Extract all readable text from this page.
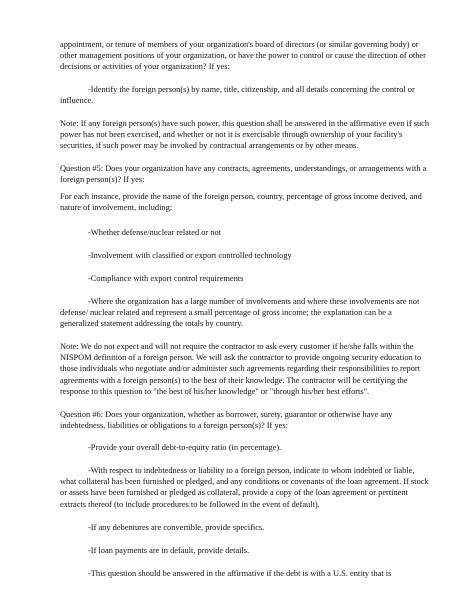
appointment, or tenure of members of your organization's board of directors (or similar governing body) or other management positions of your organization, or have the power to control or cause the direction of other decisions or activities of your organization? If yes:

-Identify the foreign person(s) by name, title, citizenship, and all details concerning the control or influence.

Note: If any foreign person(s) have such power, this question shall be answered in the affirmative even if such power has not been exercised, and whether or not it is exercisable through ownership of your facility's securities, if such power may be invoked by contractual arrangements or by other means.

Question #5: Does your organization have any contracts, agreements, understandings, or arrangements with a foreign person(s)? If yes:

For each instance, provide the name of the foreign person, country, percentage of gross income derived, and nature of involvement, including:

-Whether defense/nuclear related or not

-Involvement with classified or export controlled technology

-Compliance with export control requirements

-Where the organization has a large number of involvements and where these involvements are not defense/ nuclear related and represent a small percentage of gross income; the explanation can be a generalized statement addressing the totals by country.

Note: We do not expect and will not require the contractor to ask every customer if he/she falls within the NISPOM definition of a foreign person. We will ask the contractor to provide ongoing security education to those individuals who negotiate and/or administer such agreements regarding their responsibilities to report agreements with a foreign person(s) to the best of their knowledge. The contractor will be certifying the response to this question to "the best of his/her knowledge" or "through his/her best efforts".

Question #6: Does your organization, whether as borrower, surety, guarantor or otherwise have any indebtedness, liabilities or obligations to a foreign person(s)? If yes:

-Provide your overall debt-to-equity ratio (in percentage).

-With respect to indebtedness or liability to a foreign person, indicate to whom indebted or liable, what collateral has been furnished or pledged, and any conditions or covenants of the loan agreement. If stock or assets have been furnished or pledged as collateral, provide a copy of the loan agreement or pertinent extracts thereof (to include procedures to be followed in the event of default).

-If any debentures are convertible, provide specifics.

-If loan payments are in default, provide details.

-This question should be answered in the affirmative if the debt is with a U.S. entity that is
